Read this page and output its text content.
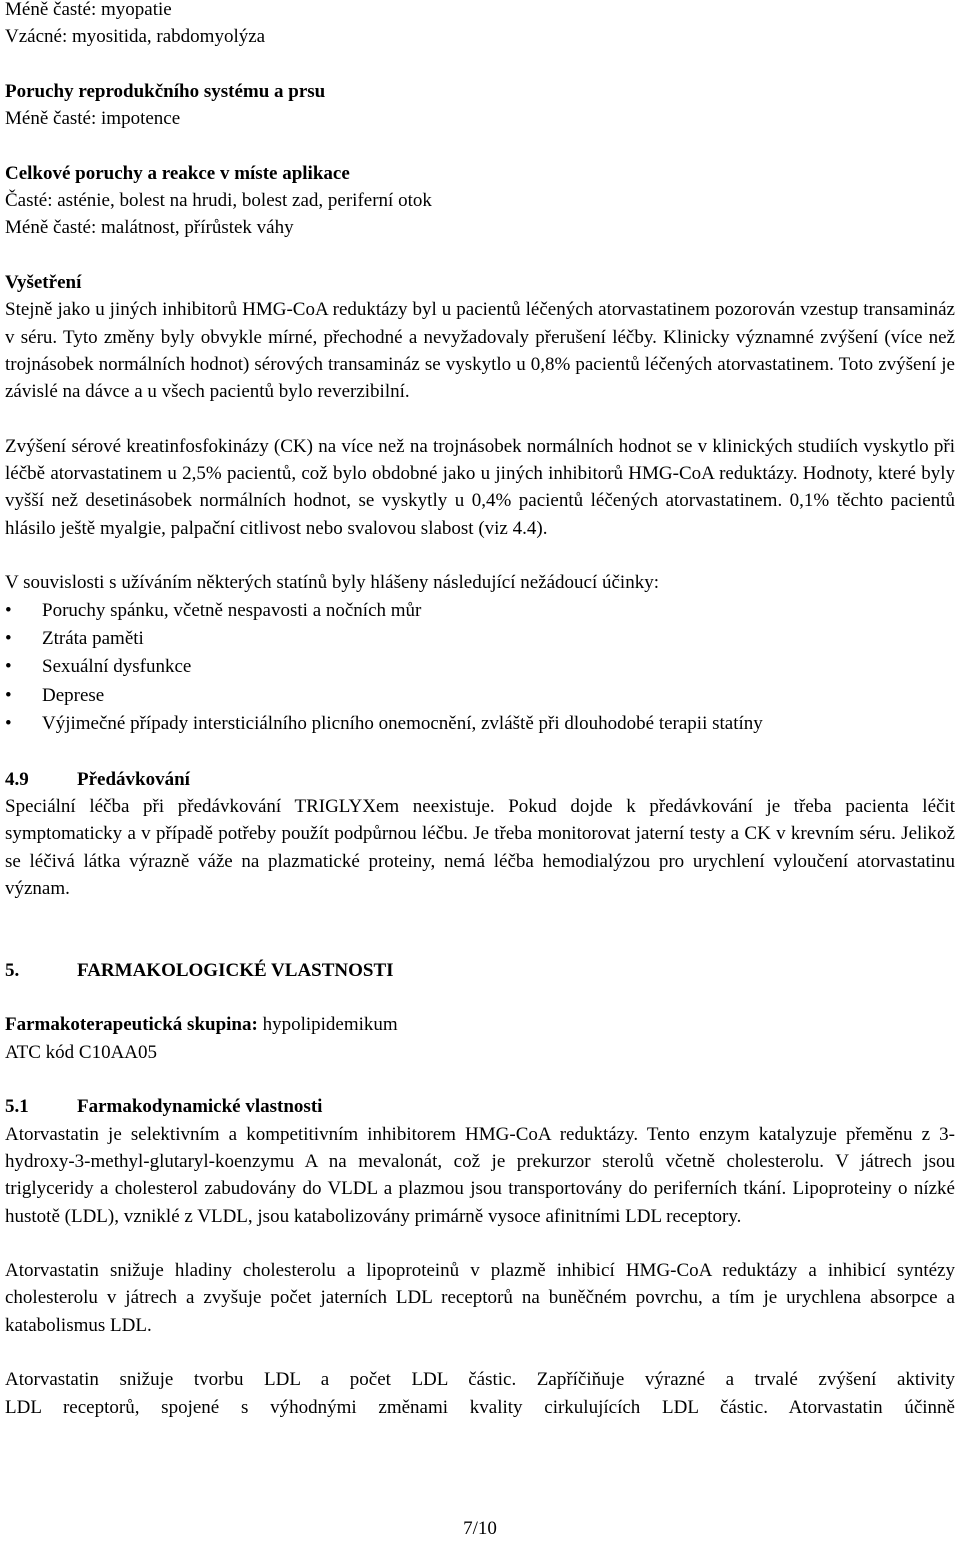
Méně časté: myopatie

Vzácné: myositida, rabdomyolýza

Poruchy reprodukčního systému a prsu

Méně časté: impotence

Celkové poruchy a reakce v míste aplikace

Časté: asténie, bolest na hrudi, bolest zad, periferní otok

Méně časté: malátnost, přírůstek váhy

Vyšetření

Stejně jako u jiných inhibitorů HMG-CoA reduktázy byl u pacientů léčených atorvastatinem pozorován vzestup transamináz v séru. Tyto změny byly obvykle mírné, přechodné a nevyžadovaly přerušení léčby. Klinicky významné zvýšení (více než trojnásobek normálních hodnot) sérových transamináz se vyskytlo u 0,8% pacientů léčených atorvastatinem. Toto zvýšení je závislé na dávce a u všech pacientů bylo reverzibilní.

Zvýšení sérové kreatinfosfokinázy (CK) na více než na trojnásobek normálních hodnot se v klinických studiích vyskytlo při léčbě atorvastatinem u 2,5% pacientů, což bylo obdobné jako u jiných inhibitorů HMG-CoA reduktázy. Hodnoty, které byly vyšší než desetinásobek normálních hodnot, se vyskytly u 0,4% pacientů léčených atorvastatinem. 0,1% těchto pacientů hlásilo ještě myalgie, palpační citlivost nebo svalovou slabost (viz 4.4).

V souvislosti s užíváním některých statínů byly hlášeny následující nežádoucí účinky:

• Poruchy spánku, včetně nespavosti a nočních můr
• Ztráta paměti
• Sexuální dysfunkce
• Deprese
• Výjimečné případy intersticiálního plicního onemocnění, zvláště při dlouhodobé terapii statíny

4.9	Předávkování

Speciální léčba při předávkování TRIGLYXem neexistuje. Pokud dojde k předávkování je třeba pacienta léčit symptomaticky a v případě potřeby použít podpůrnou léčbu. Je třeba monitorovat jaterní testy a CK v krevním séru. Jelikož se léčivá látka výrazně váže na plazmatické proteiny, nemá léčba hemodialýzou pro urychlení vyloučení atorvastatinu význam.

5.	FARMAKOLOGICKÉ VLASTNOSTI

Farmakoterapeutická skupina: hypolipidemikum

ATC kód C10AA05

5.1	Farmakodynamické vlastnosti

Atorvastatin je selektivním a kompetitivním inhibitorem HMG-CoA reduktázy. Tento enzym katalyzuje přeměnu z 3-hydroxy-3-methyl-glutaryl-koenzymu A na mevalonát, což je prekurzor sterolů včetně cholesterolu. V játrech jsou triglyceridy a cholesterol zabudovány do VLDL a plazmou jsou transportovány do periferních tkání. Lipoproteiny o nízké hustotě (LDL), vzniklé z VLDL, jsou katabolizovány primárně vysoce afinitními LDL receptory.

Atorvastatin snižuje hladiny cholesterolu a lipoproteinů v plazmě inhibicí HMG-CoA reduktázy a inhibicí syntézy cholesterolu v játrech a zvyšuje počet jaterních LDL receptorů na buněčném povrchu, a tím je urychlena absorpce a katabolismus LDL.

Atorvastatin snižuje tvorbu LDL a počet LDL částic. Zapříčiňuje výrazné a trvalé zvýšení aktivity

LDL receptorů, spojené s výhodnými změnami kvality cirkulujících LDL částic. Atorvastatin účinně

7/10
